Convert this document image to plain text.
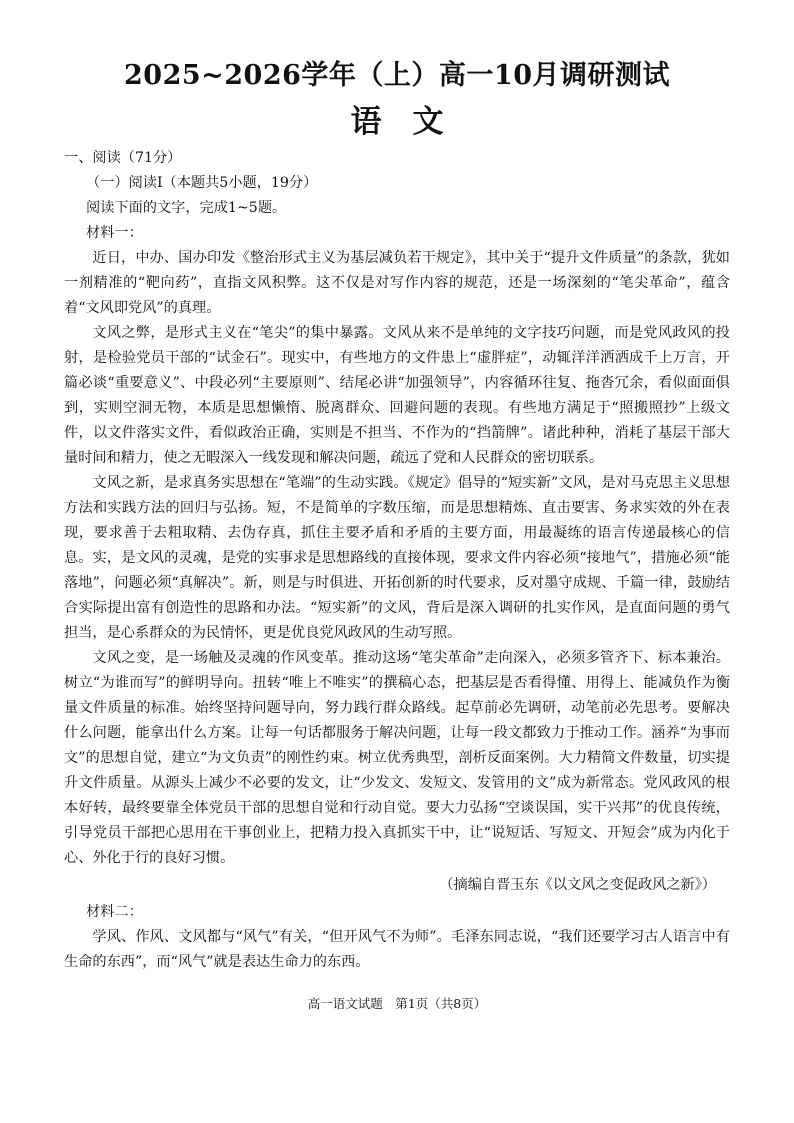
2025~2026学年（上）高一10月调研测试
语　文

一、阅读（71分）

（一）阅读Ⅰ（本题共5小题，19分）

阅读下面的文字，完成1~5题。

材料一：

近日，中办、国办印发《整治形式主义为基层减负若干规定》，其中关于“提升文件质量”的条款，犹如一剂精准的“靶向药”，直指文风积弊。这不仅是对写作内容的规范，还是一场深刻的“笔尖革命”，蕴含着“文风即党风”的真理。

文风之弊，是形式主义在“笔尖”的集中暴露。文风从来不是单纯的文字技巧问题，而是党风政风的投射，是检验党员干部的“试金石”。现实中，有些地方的文件患上“虚胖症”，动辄洋洋洒洒成千上万言，开篇必谈“重要意义”、中段必列“主要原则”、结尾必讲“加强领导”，内容循环往复、拖沓冗余，看似面面俱到，实则空洞无物，本质是思想懒惰、脱离群众、回避问题的表现。有些地方满足于“照搬照抄”上级文件，以文件落实文件，看似政治正确，实则是不担当、不作为的“挡箭牌”。诸此种种，消耗了基层干部大量时间和精力，使之无暇深入一线发现和解决问题，疏远了党和人民群众的密切联系。

文风之新，是求真务实思想在“笔端”的生动实践。《规定》倡导的“短实新”文风，是对马克思主义思想方法和实践方法的回归与弘扬。短，不是简单的字数压缩，而是思想精炼、直击要害、务求实效的外在表现，要求善于去粗取精、去伪存真，抓住主要矛盾和矛盾的主要方面，用最凝练的语言传递最核心的信息。实，是文风的灵魂，是党的实事求是思想路线的直接体现，要求文件内容必须“接地气”，措施必须“能落地”，问题必须“真解决”。新，则是与时俱进、开拓创新的时代要求，反对墨守成规、千篇一律，鼓励结合实际提出富有创造性的思路和办法。“短实新”的文风，背后是深入调研的扎实作风，是直面问题的勇气担当，是心系群众的为民情怀，更是优良党风政风的生动写照。

文风之变，是一场触及灵魂的作风变革。推动这场“笔尖革命”走向深入，必须多管齐下、标本兼治。树立“为谁而写”的鲜明导向。扭转“唯上不唯实”的撰稿心态，把基层是否看得懂、用得上、能减负作为衡量文件质量的标准。始终坚持问题导向，努力践行群众路线。起草前必先调研，动笔前必先思考。要解决什么问题，能拿出什么方案。让每一句话都服务于解决问题，让每一段文都致力于推动工作。涵养“为事而文”的思想自觉，建立“为文负责”的刚性约束。树立优秀典型，剖析反面案例。大力精简文件数量，切实提升文件质量。从源头上减少不必要的发文，让“少发文、发短文、发管用的文”成为新常态。党风政风的根本好转，最终要靠全体党员干部的思想自觉和行动自觉。要大力弘扬“空谈误国，实干兴邦”的优良传统，引导党员干部把心思用在干事创业上，把精力投入真抓实干中，让“说短话、写短文、开短会”成为内化于心、外化于行的良好习惯。

（摘编自晋玉东《以文风之变促政风之新》）

材料二：

学风、作风、文风都与“风气”有关，“但开风气不为师”。毛泽东同志说，“我们还要学习古人语言中有生命的东西”，而“风气”就是表达生命力的东西。

高一语文试题　第1页（共8页）
